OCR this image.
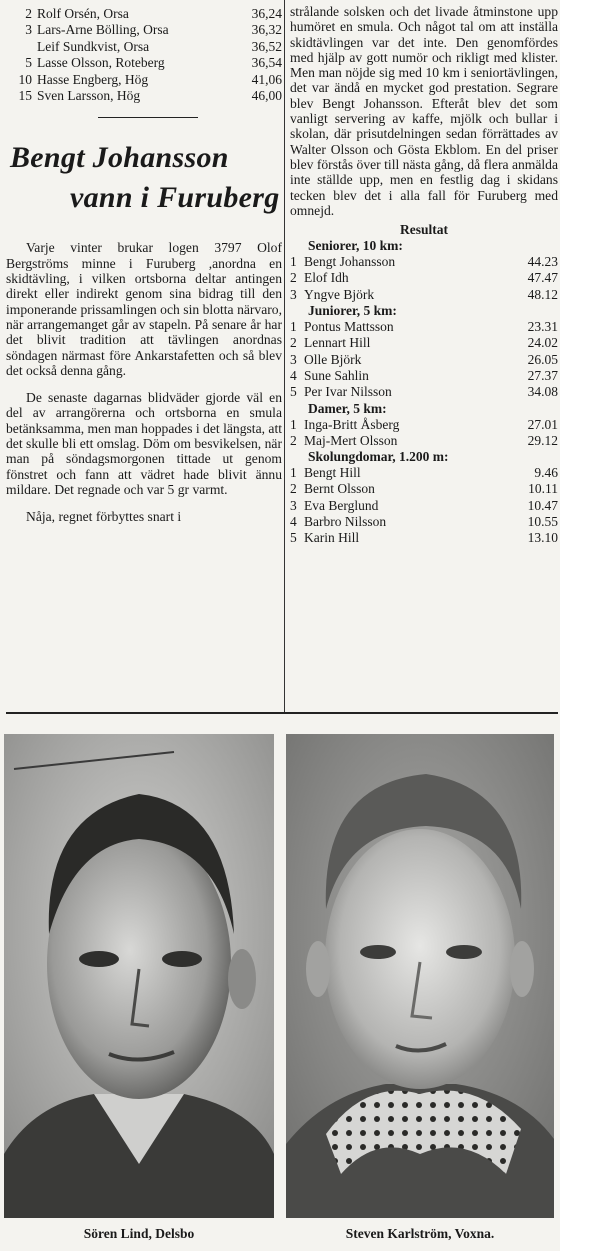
2 Rolf Orsén, Orsa	36,24
3 Lars-Arne Bölling, Orsa	36,32
Leif Sundkvist, Orsa	36,52
5 Lasse Olsson, Roteberg	36,54
10 Hasse Engberg, Hög	41,06
15 Sven Larsson, Hög	46,00
Bengt Johansson
vann i Furuberg

Varje vinter brukar logen 3797 Olof Bergströms minne i Furuberg ,anordna en skidtävling, i vilken ortsborna deltar antingen direkt eller indirekt genom sina bidrag till den imponerande prissamlingen och sin blotta närvaro, när arrangemanget går av stapeln. På senare år har det blivit tradition att tävlingen anordnas söndagen närmast före Ankarstafetten och så blev det också denna gång.

De senaste dagarnas blidväder gjorde väl en del av arrangörerna och ortsborna en smula betänksamma, men man hoppades i det längsta, att det skulle bli ett omslag. Döm om besvikelsen, när man på söndagsmorgonen tittade ut genom fönstret och fann att vädret hade blivit ännu mildare. Det regnade och var 5 gr varmt.

Nåja, regnet förbyttes snart i

strålande solsken och det livade åtminstone upp humöret en smula. Och något tal om att inställa skidtävlingen var det inte. Den genomfördes med hjälp av gott numör och rikligt med klister. Men man nöjde sig med 10 km i seniortävlingen, det var ändå en mycket god prestation. Segrare blev Bengt Johansson. Efteråt blev det som vanligt servering av kaffe, mjölk och bullar i skolan, där prisutdelningen sedan förrättades av Walter Olsson och Gösta Ekblom. En del priser blev förstås över till nästa gång, då flera anmälda inte ställde upp, men en festlig dag i skidans tecken blev det i alla fall för Furuberg med omnejd.

Resultat
Seniorer, 10 km:
1 Bengt Johansson	44.23
2 Elof Idh	47.47
3 Yngve Björk	48.12
Juniorer, 5 km:
1 Pontus Mattsson	23.31
2 Lennart Hill	24.02
3 Olle Björk	26.05
4 Sune Sahlin	27.37
5 Per Ivar Nilsson	34.08
Damer, 5 km:
1 Inga-Britt Åsberg	27.01
2 Maj-Mert Olsson	29.12
Skolungdomar, 1.200 m:
1 Bengt Hill	9.46
2 Bernt Olsson	10.11
3 Eva Berglund	10.47
4 Barbro Nilsson	10.55
5 Karin Hill	13.10
Sören Lind, Delsbo	Steven Karlström, Voxna.
